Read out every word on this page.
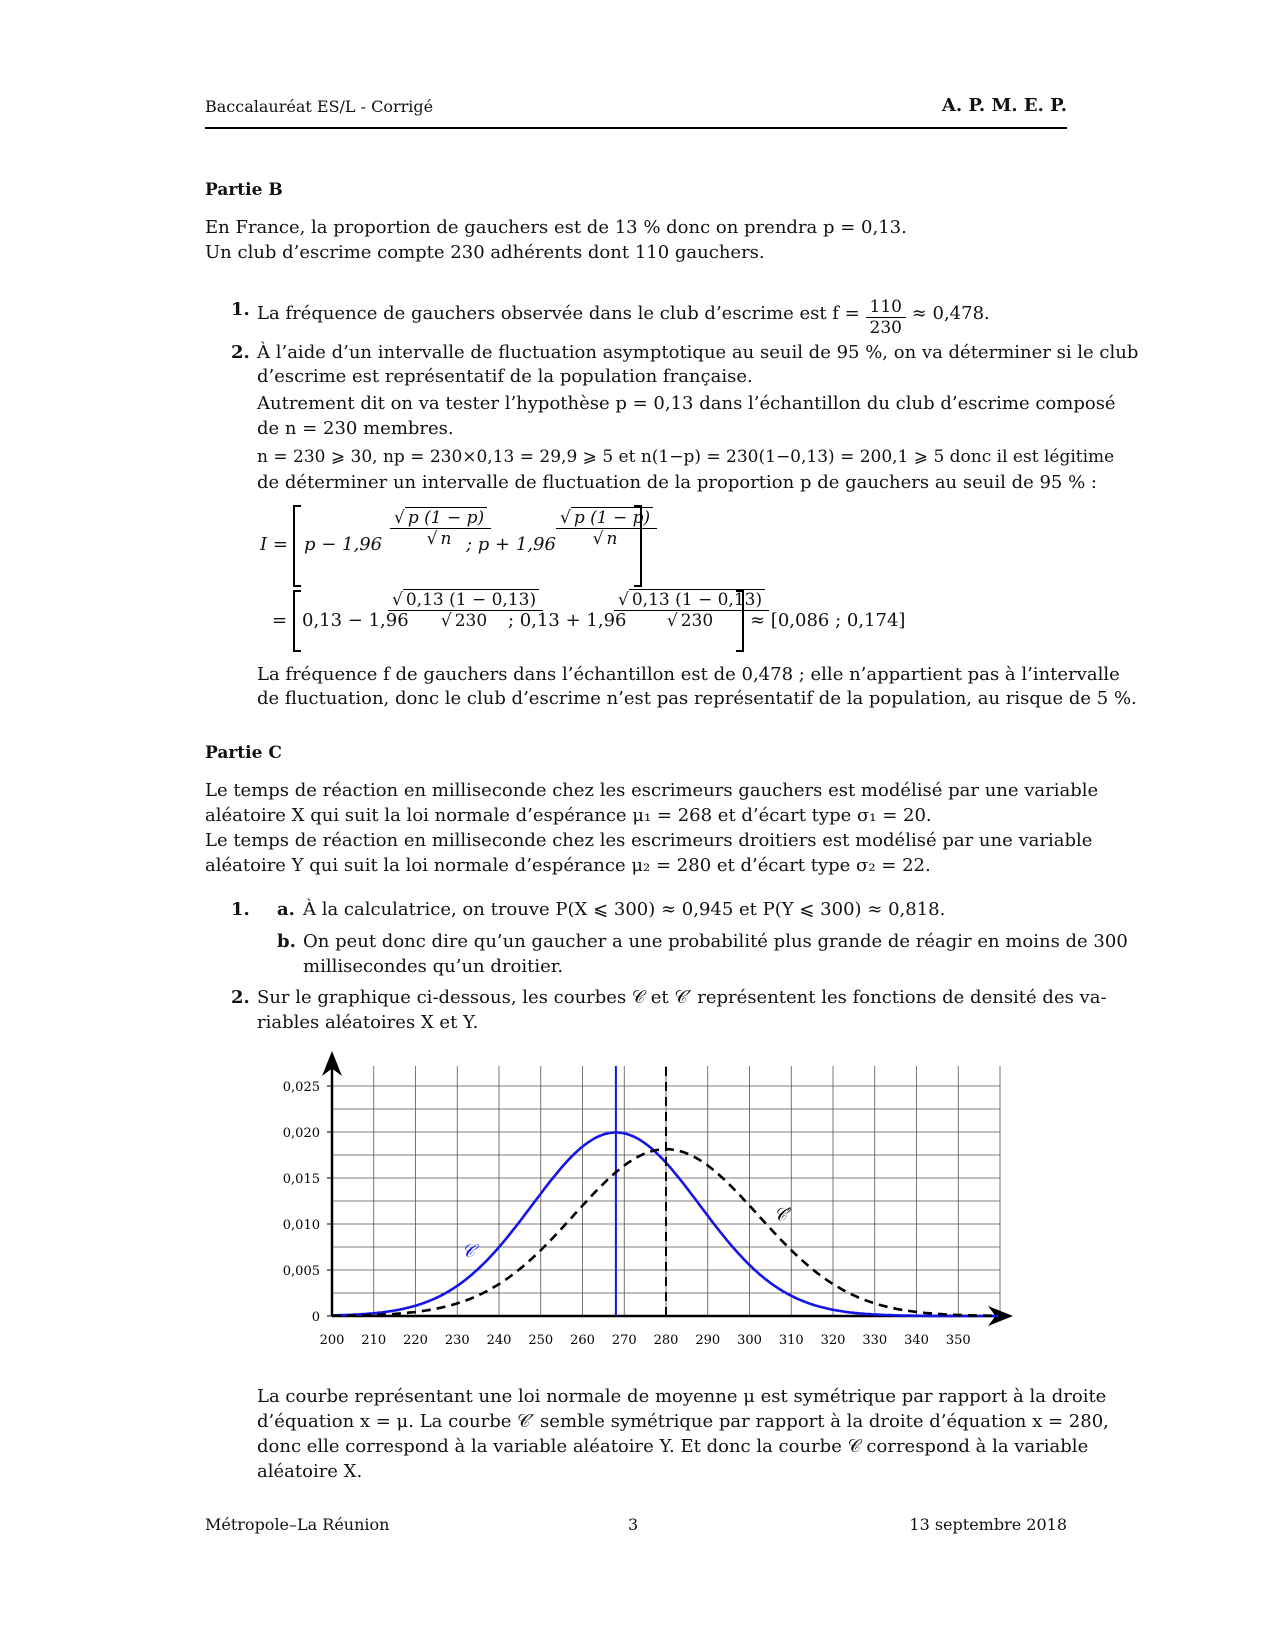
Baccalauréat ES/L - Corrigé	A. P. M. E. P.
Partie B
En France, la proportion de gauchers est de 13 % donc on prendra p = 0,13.
Un club d’escrime compte 230 adhérents dont 110 gauchers.
1. La fréquence de gauchers observée dans le club d’escrime est $f = \frac{110}{230} \approx 0,478$.
2. À l’aide d’un intervalle de fluctuation asymptotique au seuil de 95 %, on va déterminer si le club
d’escrime est représentatif de la population française.
Autrement dit on va tester l’hypothèse p = 0,13 dans l’échantillon du club d’escrime composé
de n = 230 membres.
n = 230 ⩾ 30, np = 230×0,13 = 29,9 ⩾ 5 et n(1−p) = 230(1−0,13) = 200,1 ⩾ 5 donc il est légitime
de déterminer un intervalle de fluctuation de la proportion p de gauchers au seuil de 95 % :
$I = p - 1,96 \frac{√ p (1 - p)}{√ n}$
; $p + 1,96 \frac{√ p (1 - p)}{√ n}$
= 0,13 − 1,96
$\frac{√ 0,13 (1 - 0,13)}{√ 230}$
; 0,13 + 1,96
$\frac{√ 0,13 (1 - 0,13)}{√ 230}$
≈ [0,086 ; 0,174]
La fréquence f de gauchers dans l’échantillon est de 0,478 ; elle n’appartient pas à l’intervalle
de fluctuation, donc le club d’escrime n’est pas représentatif de la population, au risque de 5 %.
Partie C
Le temps de réaction en milliseconde chez les escrimeurs gauchers est modélisé par une variable
aléatoire X qui suit la loi normale d’espérance μ₁ = 268 et d’écart type σ₁ = 20.
Le temps de réaction en milliseconde chez les escrimeurs droitiers est modélisé par une variable
aléatoire Y qui suit la loi normale d’espérance μ₂ = 280 et d’écart type σ₂ = 22.
1. a. À la calculatrice, on trouve P(X ⩽ 300) ≈ 0,945 et P(Y ⩽ 300) ≈ 0,818.
b. On peut donc dire qu’un gaucher a une probabilité plus grande de réagir en moins de 300
millisecondes qu’un droitier.
2. Sur le graphique ci-dessous, les courbes 𝒞 et 𝒞′ représentent les fonctions de densité des va-
riables aléatoires X et Y.
200 210 220 230 240 250 260 270 280 290 300 310 320 330 340 350
0
0,005
0,010
0,015
0,020
0,025
𝒞
𝒞′
La courbe représentant une loi normale de moyenne μ est symétrique par rapport à la droite
d’équation x = μ. La courbe 𝒞′ semble symétrique par rapport à la droite d’équation x = 280,
donc elle correspond à la variable aléatoire Y. Et donc la courbe 𝒞 correspond à la variable
aléatoire X.
Métropole–La Réunion	3	13 septembre 2018
